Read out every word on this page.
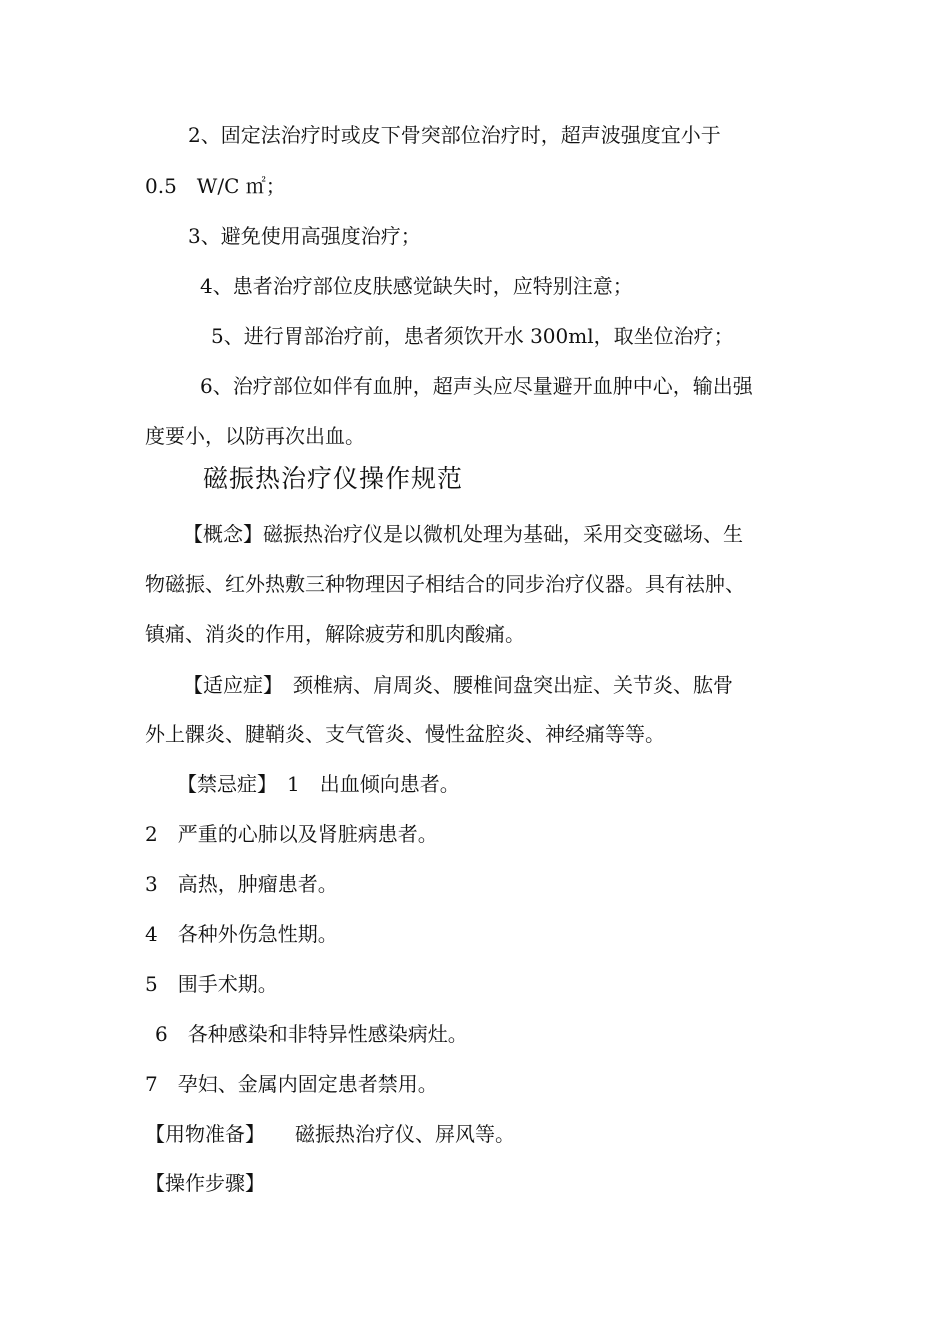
2、固定法治疗时或皮下骨突部位治疗时，超声波强度宜小于
0.5　W/C ㎡；
3、避免使用高强度治疗；
4、患者治疗部位皮肤感觉缺失时，应特别注意；
5、进行胃部治疗前，患者须饮开水 300ml，取坐位治疗；
6、治疗部位如伴有血肿，超声头应尽量避开血肿中心，输出强
度要小，以防再次出血。
磁振热治疗仪操作规范
【概念】磁振热治疗仪是以微机处理为基础，采用交变磁场、生
物磁振、红外热敷三种物理因子相结合的同步治疗仪器。具有祛肿、
镇痛、消炎的作用，解除疲劳和肌肉酸痛。
【适应症】　颈椎病、肩周炎、腰椎间盘突出症、关节炎、肱骨
外上髁炎、腱鞘炎、支气管炎、慢性盆腔炎、神经痛等等。
【禁忌症】　1　出血倾向患者。
2　严重的心肺以及肾脏病患者。
3　高热，肿瘤患者。
4　各种外伤急性期。
5　围手术期。
6　各种感染和非特异性感染病灶。
7　孕妇、金属内固定患者禁用。
【用物准备】　　磁振热治疗仪、屏风等。
【操作步骤】
